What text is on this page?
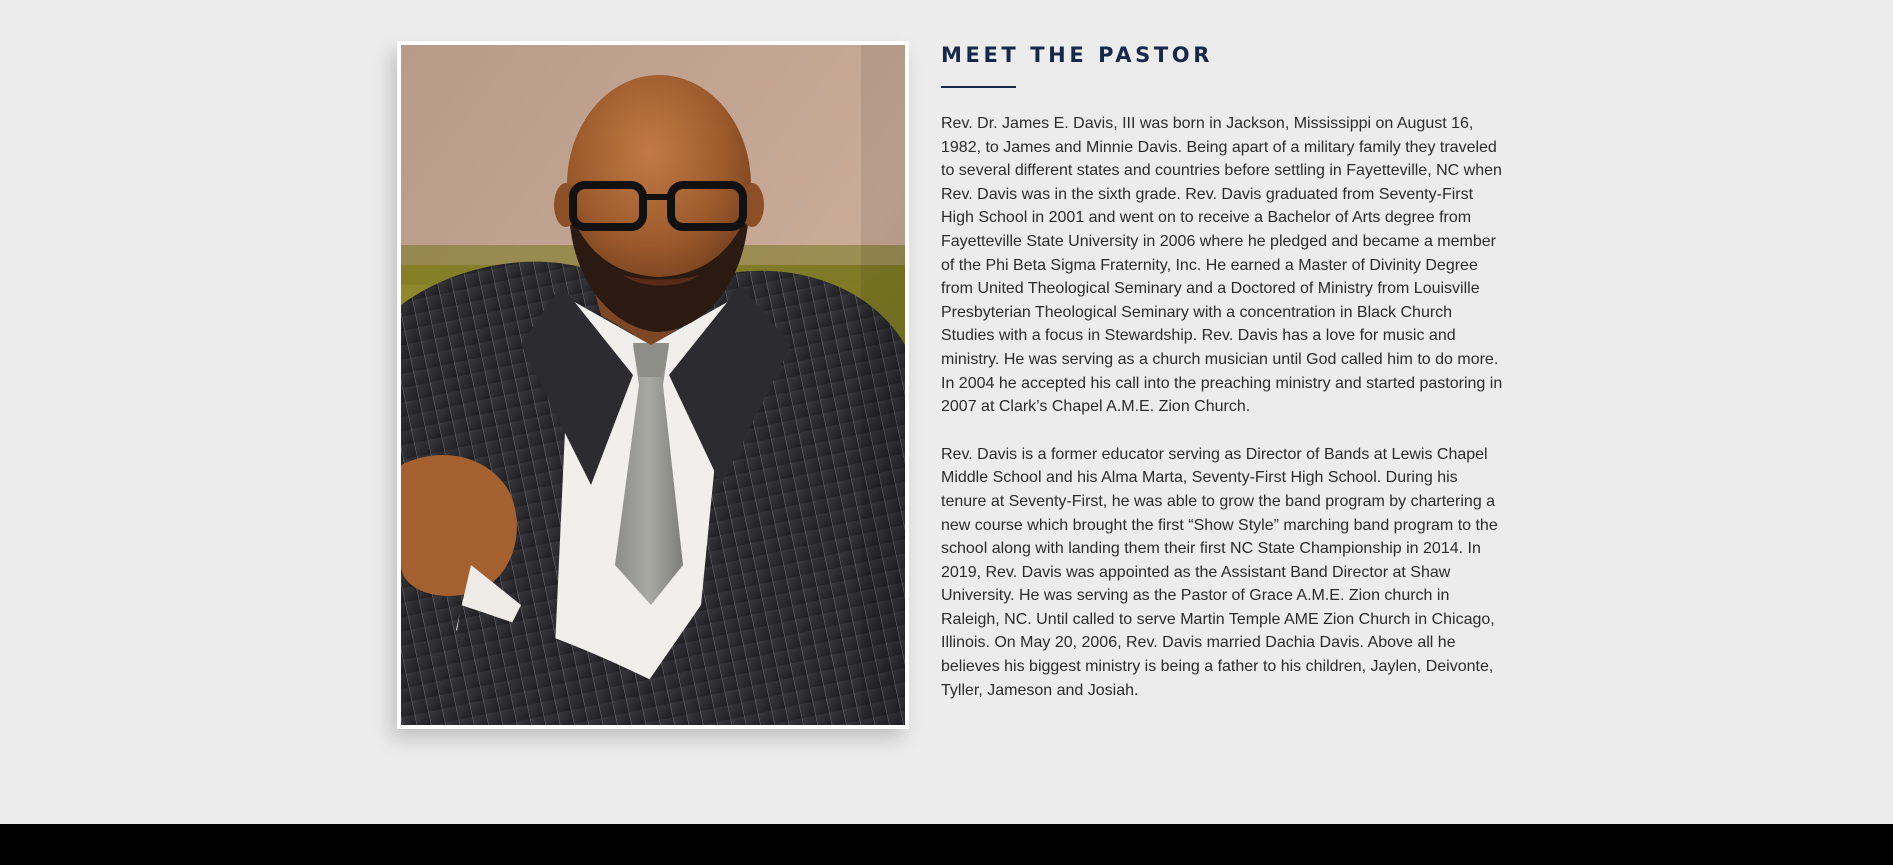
MEET THE PASTOR

Rev. Dr. James E. Davis, III was born in Jackson, Mississippi on August 16, 1982, to James and Minnie Davis. Being apart of a military family they traveled to several different states and countries before settling in Fayetteville, NC when Rev. Davis was in the sixth grade. Rev. Davis graduated from Seventy-First High School in 2001 and went on to receive a Bachelor of Arts degree from Fayetteville State University in 2006 where he pledged and became a member of the Phi Beta Sigma Fraternity, Inc. He earned a Master of Divinity Degree from United Theological Seminary and a Doctored of Ministry from Louisville Presbyterian Theological Seminary with a concentration in Black Church Studies with a focus in Stewardship. Rev. Davis has a love for music and ministry. He was serving as a church musician until God called him to do more. In 2004 he accepted his call into the preaching ministry and started pastoring in 2007 at Clark’s Chapel A.M.E. Zion Church.

Rev. Davis is a former educator serving as Director of Bands at Lewis Chapel Middle School and his Alma Marta, Seventy-First High School. During his tenure at Seventy-First, he was able to grow the band program by chartering a new course which brought the first “Show Style” marching band program to the school along with landing them their first NC State Championship in 2014. In 2019, Rev. Davis was appointed as the Assistant Band Director at Shaw University. He was serving as the Pastor of Grace A.M.E. Zion church in Raleigh, NC. Until called to serve Martin Temple AME Zion Church in Chicago, Illinois. On May 20, 2006, Rev. Davis married Dachia Davis. Above all he believes his biggest ministry is being a father to his children, Jaylen, Deivonte, Tyller, Jameson and Josiah.
